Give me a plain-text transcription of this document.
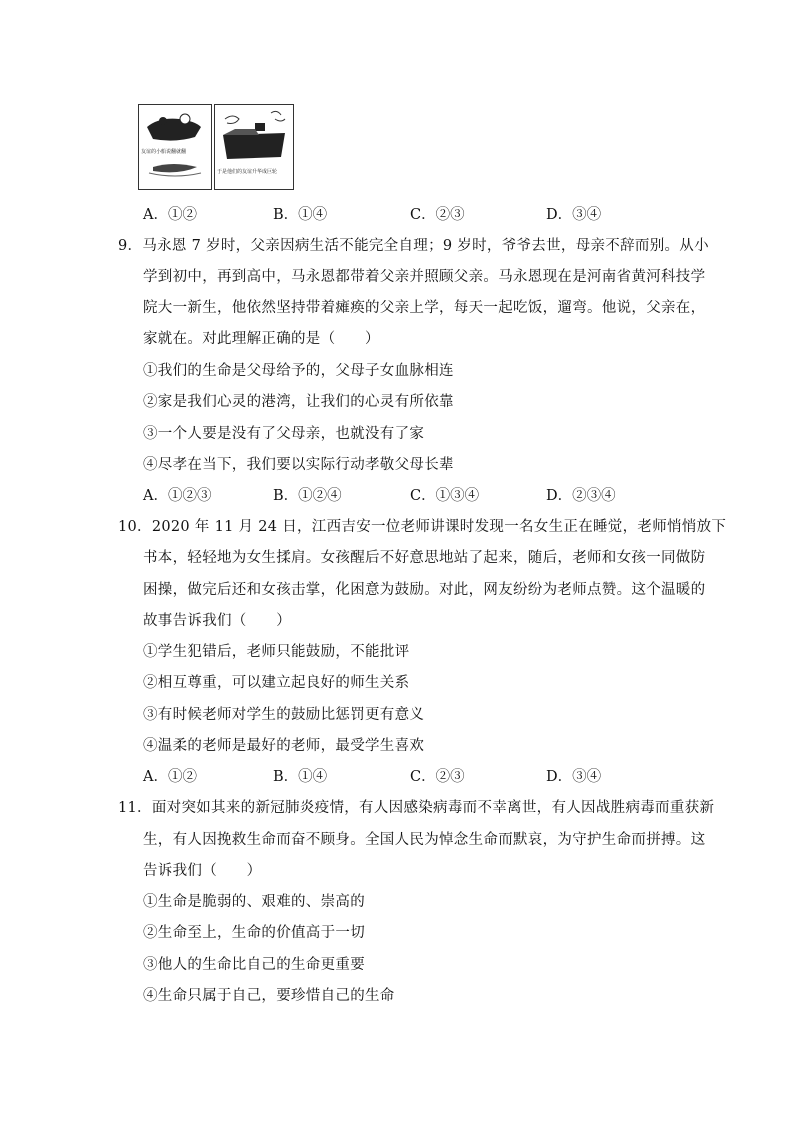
友谊的小船说翻就翻
于是他们的友谊升华成巨轮
A．①②	B．①④	C．②③	D．③④
9．马永恩 7 岁时，父亲因病生活不能完全自理；9 岁时，爷爷去世，母亲不辞而别。从小
学到初中，再到高中，马永恩都带着父亲并照顾父亲。马永恩现在是河南省黄河科技学
院大一新生，他依然坚持带着瘫痪的父亲上学，每天一起吃饭，遛弯。他说，父亲在，
家就在。对此理解正确的是（　　）
①我们的生命是父母给予的，父母子女血脉相连
②家是我们心灵的港湾，让我们的心灵有所依靠
③一个人要是没有了父母亲，也就没有了家
④尽孝在当下，我们要以实际行动孝敬父母长辈
A．①②③	B．①②④	C．①③④	D．②③④
10．2020 年 11 月 24 日，江西吉安一位老师讲课时发现一名女生正在睡觉，老师悄悄放下
书本，轻轻地为女生揉肩。女孩醒后不好意思地站了起来，随后，老师和女孩一同做防
困操，做完后还和女孩击掌，化困意为鼓励。对此，网友纷纷为老师点赞。这个温暖的
故事告诉我们（　　）
①学生犯错后，老师只能鼓励，不能批评
②相互尊重，可以建立起良好的师生关系
③有时候老师对学生的鼓励比惩罚更有意义
④温柔的老师是最好的老师，最受学生喜欢
A．①②	B．①④	C．②③	D．③④
11．面对突如其来的新冠肺炎疫情，有人因感染病毒而不幸离世，有人因战胜病毒而重获新
生，有人因挽救生命而奋不顾身。全国人民为悼念生命而默哀，为守护生命而拼搏。这
告诉我们（　　）
①生命是脆弱的、艰难的、崇高的
②生命至上，生命的价值高于一切
③他人的生命比自己的生命更重要
④生命只属于自己，要珍惜自己的生命
